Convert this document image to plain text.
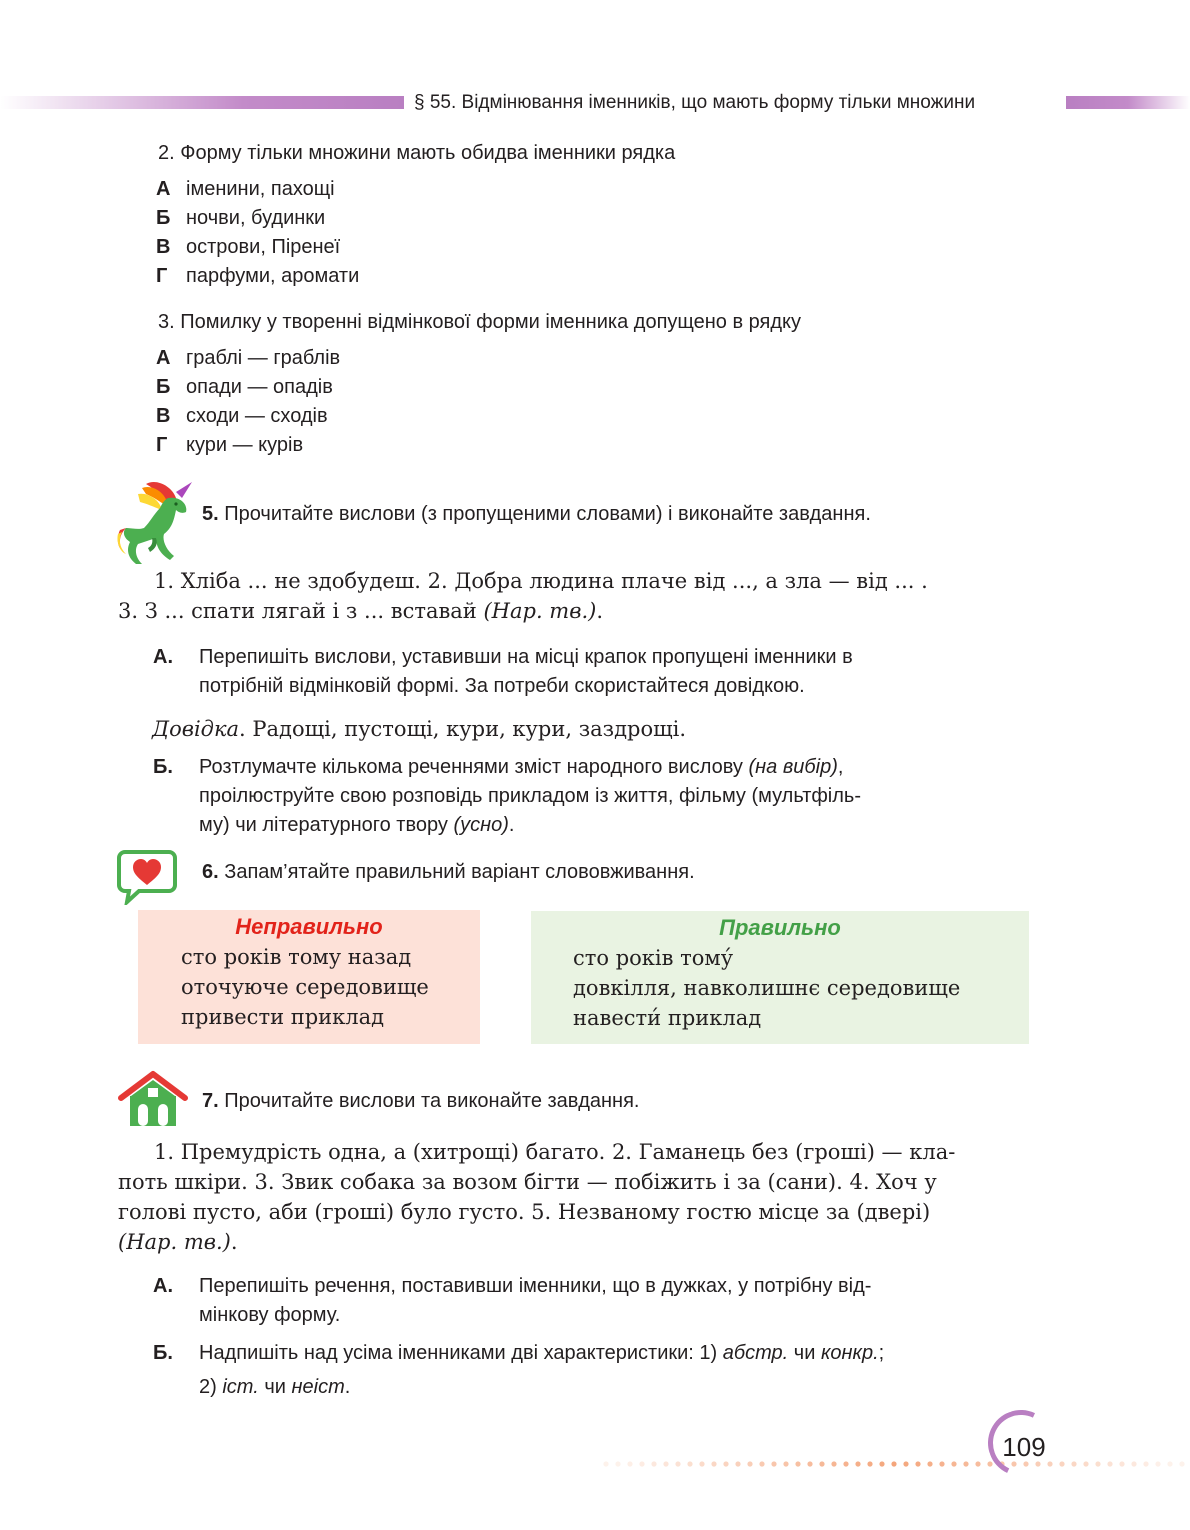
§ 55. Відмінювання іменників, що мають форму тільки множини
2. Форму тільки множини мають обидва іменники рядка
А іменини, пахощі
Б ночви, будинки
В острови, Піренеї
Г парфуми, аромати
3. Помилку у творенні відмінкової форми іменника допущено в рядку
А граблі — граблів
Б опади — опадів
В сходи — сходів
Г кури — курів
5. Прочитайте вислови (з пропущеними словами) і виконайте завдання.
1. Хліба ... не здобудеш. 2. Добра людина плаче від ..., а зла — від ... .
3. З ... спати лягай і з ... вставай (Нар. тв.).
А.	Перепишіть вислови, уставивши на місці крапок пропущені іменники в
потрібній відмінковій формі. За потреби скористайтеся довідкою.
Довідка. Радощі, пустощі, кури, кури, заздрощі.
Б.	Розтлумачте кількома реченнями зміст народного вислову (на вибір),
проілюструйте свою розповідь прикладом із життя, фільму (мультфіль-
му) чи літературного твору (усно).
6. Запам’ятайте правильний варіант слововживання.
Неправильно
сто років тому назад
оточуюче середовище
привести приклад
Правильно
сто років тому́
довкілля, навколишнє середовище
навести́ приклад
7. Прочитайте вислови та виконайте завдання.
1. Премудрість одна, а (хитрощі) багато. 2. Гаманець без (гроші) — кла-
поть шкіри. 3. Звик собака за возом бігти — побіжить і за (сани). 4. Хоч у
голові пусто, аби (гроші) було густо. 5. Незваному гостю місце за (двері)
(Нар. тв.).
А.	Перепишіть речення, поставивши іменники, що в дужках, у потрібну від-
мінкову форму.
Б.	Надпишіть над усіма іменниками дві характеристики: 1) абстр. чи конкр.;
2) іст. чи неіст.
109
